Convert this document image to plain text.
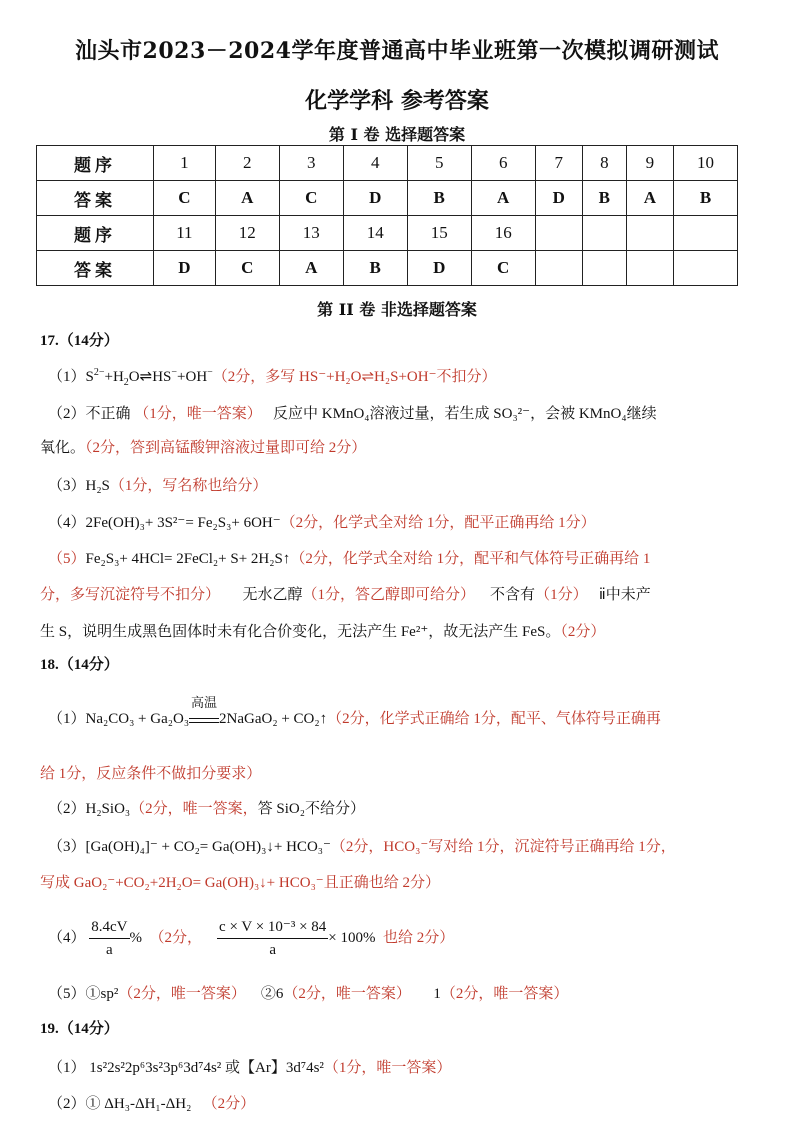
汕头市2023－2024学年度普通高中毕业班第一次模拟调研测试
化学学科 参考答案
第 I 卷 选择题答案
题序	1	2	3	4	5	6	7	8	9	10
答案	C	A	C	D	B	A	D	B	A	B
题序	11	12	13	14	15	16				
答案	D	C	A	B	D	C				
第 II 卷 非选择题答案
17.（14分）
$(1)S^{2-}+H_2O\rightleftharpoons HS^-+OH^-(2$分，多写 HS⁻+H₂O⇌H₂S+OH⁻不扣分）
（2）不正确 （1分，唯一答案） 反应中 KMnO₄溶液过量，若生成 SO₃²⁻，会被 KMnO₄继续
氧化。（2分，答到高锰酸钾溶液过量即可给 2分）
（3）H₂S（1分，写名称也给分）
（4）2Fe(OH)₃+ 3S²⁻= Fe₂S₃+ 6OH⁻（2分，化学式全对给 1分，配平正确再给 1分）
（5）Fe₂S₃+ 4HCl= 2FeCl₂+ S+ 2H₂S↑（2分，化学式全对给 1分，配平和气体符号正确再给 1
分，多写沉淀符号不扣分） 无水乙醇（1分，答乙醇即可给分） 不含有（1分） ⅱ中未产
生 S，说明生成黑色固体时未有化合价变化，无法产生 Fe²⁺，故无法产生 FeS。（2分）
18.（14分）
（1）Na₂CO₃ + Ga₂O₃
高温
2NaGaO₂ + CO₂↑（2分，化学式正确给 1分，配平、气体符号正确再
给 1分，反应条件不做扣分要求）
（2）H₂SiO₃（2分，唯一答案，答 SiO₂不给分）
（3）[Ga(OH)₄]⁻ + CO₂= Ga(OH)₃↓+ HCO₃⁻（2分，HCO₃⁻写对给 1分，沉淀符号正确再给 1分，
写成 GaO₂⁻+CO₂+2H₂O= Ga(OH)₃↓+ HCO₃⁻且正确也给 2分）
$(4) \frac{8.4cV}{a}$ % （2分， $\frac{\text{c × V × 10⁻³ × 84}}{a} \times 100\%$ 也给 2分）
（5）①sp²（2分，唯一答案） ②6（2分，唯一答案） 1（2分，唯一答案）
19.（14分）
（1） 1s²2s²2p⁶3s²3p⁶3d⁷4s² 或【Ar】3d⁷4s²（1分，唯一答案）
（2）① ΔH₃-ΔH₁-ΔH₂ （2分）
